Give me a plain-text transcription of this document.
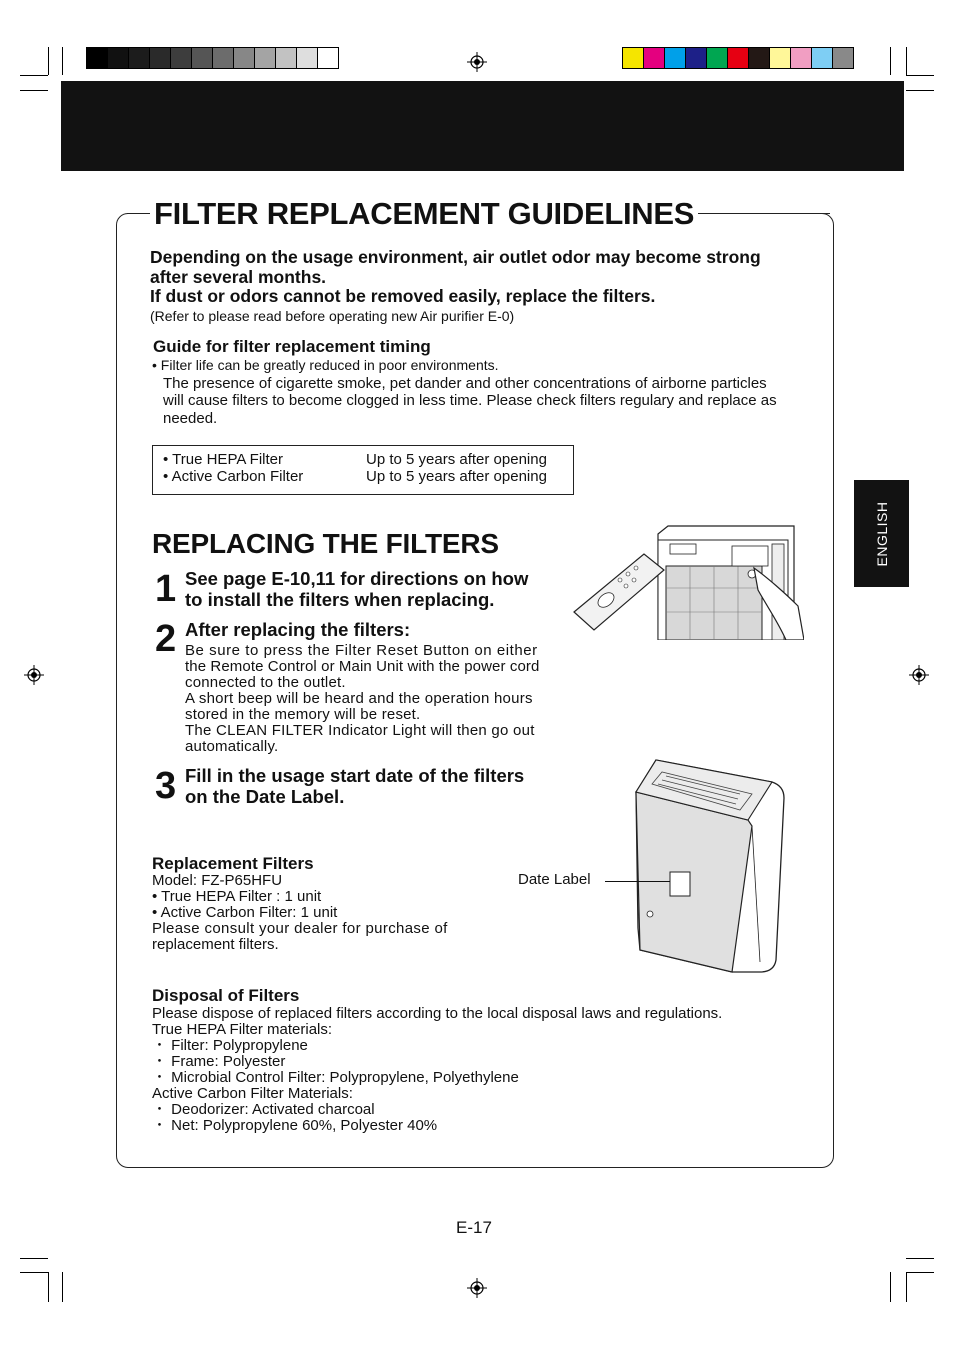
FILTER REPLACEMENT GUIDELINES
Depending on the usage environment, air outlet odor may become strong
after several months.
If dust or odors cannot be removed easily, replace the filters.
(Refer to please read before operating new Air purifier E-0)
Guide for filter replacement timing
• Filter life can be greatly reduced in poor environments.
The presence of cigarette smoke, pet dander and other concentrations of airborne particles
will cause filters to become clogged in less time. Please check filters regulary and replace as
needed.
• True HEPA Filter	Up to 5 years after opening
• Active Carbon Filter	Up to 5 years after opening
REPLACING THE FILTERS
1 See page E-10,11 for directions on how
to install the filters when replacing.
2 After replacing the filters:
Be sure to press the Filter Reset Button on either
the Remote Control or Main Unit with the power cord
connected to the outlet.
A short beep will be heard and the operation hours
stored in the memory will be reset.
The CLEAN FILTER Indicator Light will then go out
automatically.
3 Fill in the usage start date of the filters
on the Date Label.
Date Label
Replacement Filters
Model: FZ-P65HFU
• True HEPA Filter : 1 unit
• Active Carbon Filter: 1 unit
Please consult your dealer for purchase of
replacement filters.
Disposal of Filters
Please dispose of replaced filters according to the local disposal laws and regulations.
True HEPA Filter materials:
・ Filter: Polypropylene
・ Frame: Polyester
・ Microbial Control Filter: Polypropylene, Polyethylene
Active Carbon Filter Materials:
・ Deodorizer: Activated charcoal
・ Net: Polypropylene 60%, Polyester 40%
ENGLISH
E-17
